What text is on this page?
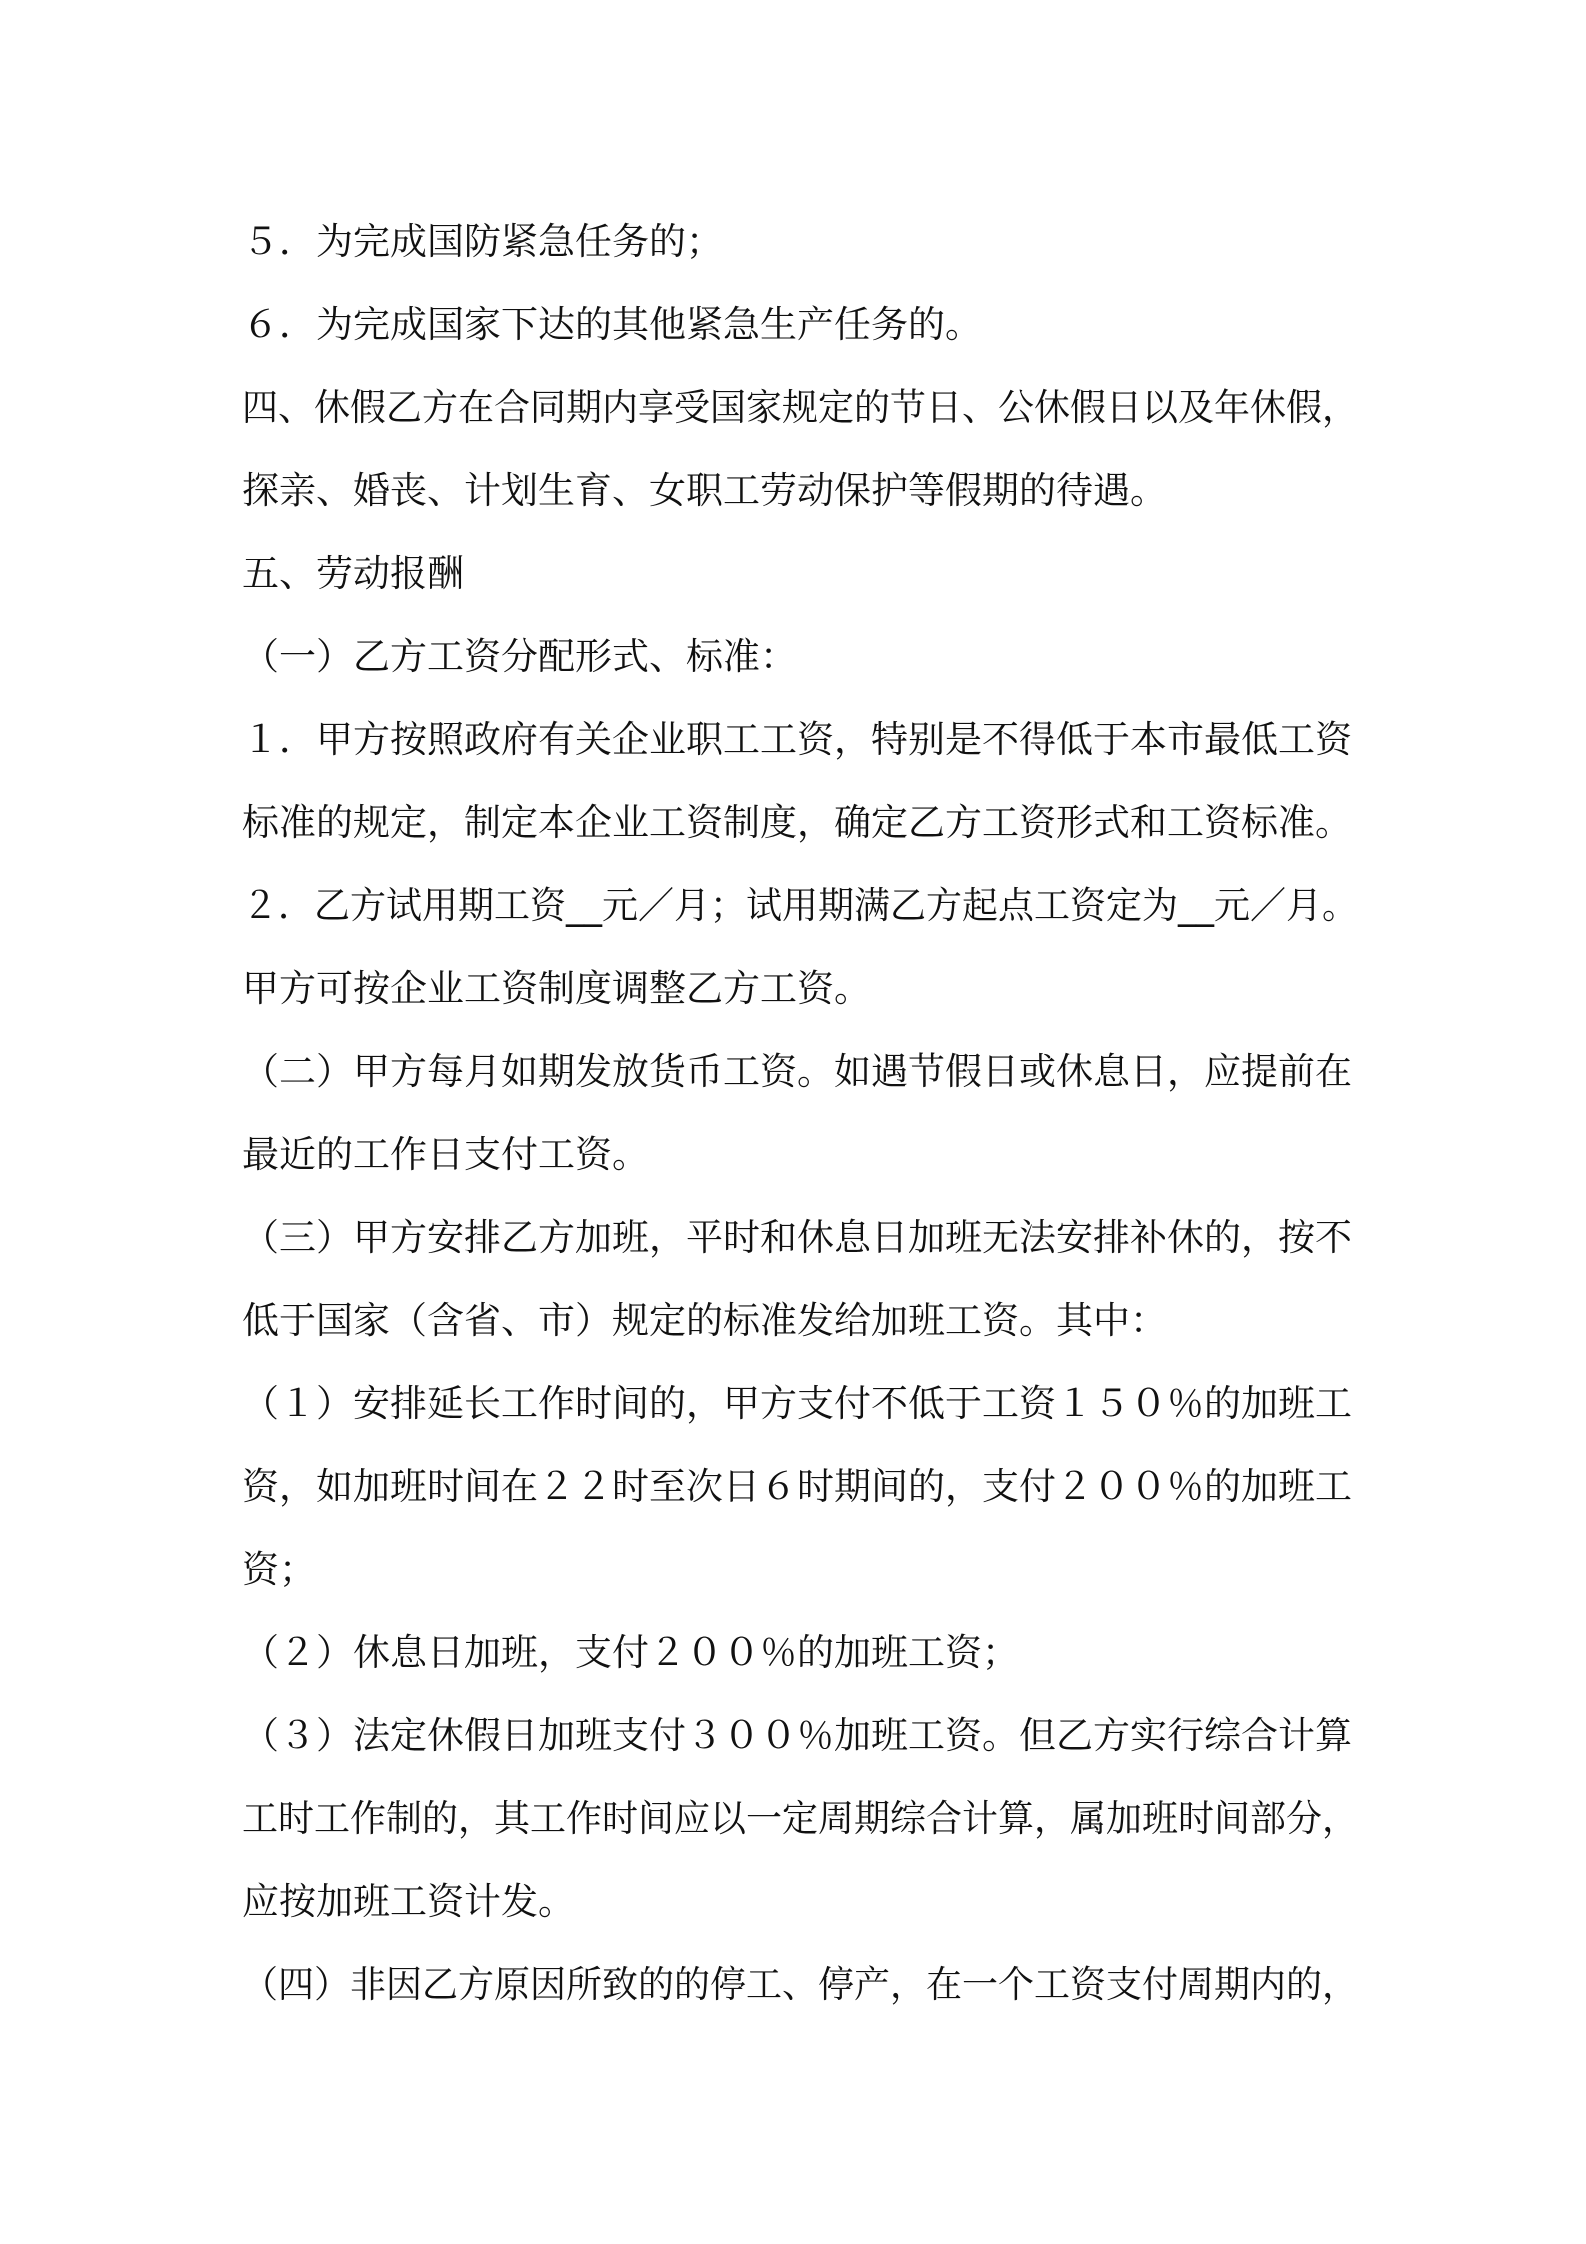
５．为完成国防紧急任务的；
６．为完成国家下达的其他紧急生产任务的。
四、休假乙方在合同期内享受国家规定的节日、公休假日以及年休假，
探亲、婚丧、计划生育、女职工劳动保护等假期的待遇。
五、劳动报酬
（一）乙方工资分配形式、标准：
１．甲方按照政府有关企业职工工资，特别是不得低于本市最低工资
标准的规定，制定本企业工资制度，确定乙方工资形式和工资标准。
２．乙方试用期工资__元／月；试用期满乙方起点工资定为__元／月。
甲方可按企业工资制度调整乙方工资。
（二）甲方每月如期发放货币工资。如遇节假日或休息日，应提前在
最近的工作日支付工资。
（三）甲方安排乙方加班，平时和休息日加班无法安排补休的，按不
低于国家（含省、市）规定的标准发给加班工资。其中：
（１）安排延长工作时间的，甲方支付不低于工资１５０％的加班工
资，如加班时间在２２时至次日６时期间的，支付２００％的加班工
资；
（２）休息日加班，支付２００％的加班工资；
（３）法定休假日加班支付３００％加班工资。但乙方实行综合计算
工时工作制的，其工作时间应以一定周期综合计算，属加班时间部分，
应按加班工资计发。
（四）非因乙方原因所致的的停工、停产，在一个工资支付周期内的，
